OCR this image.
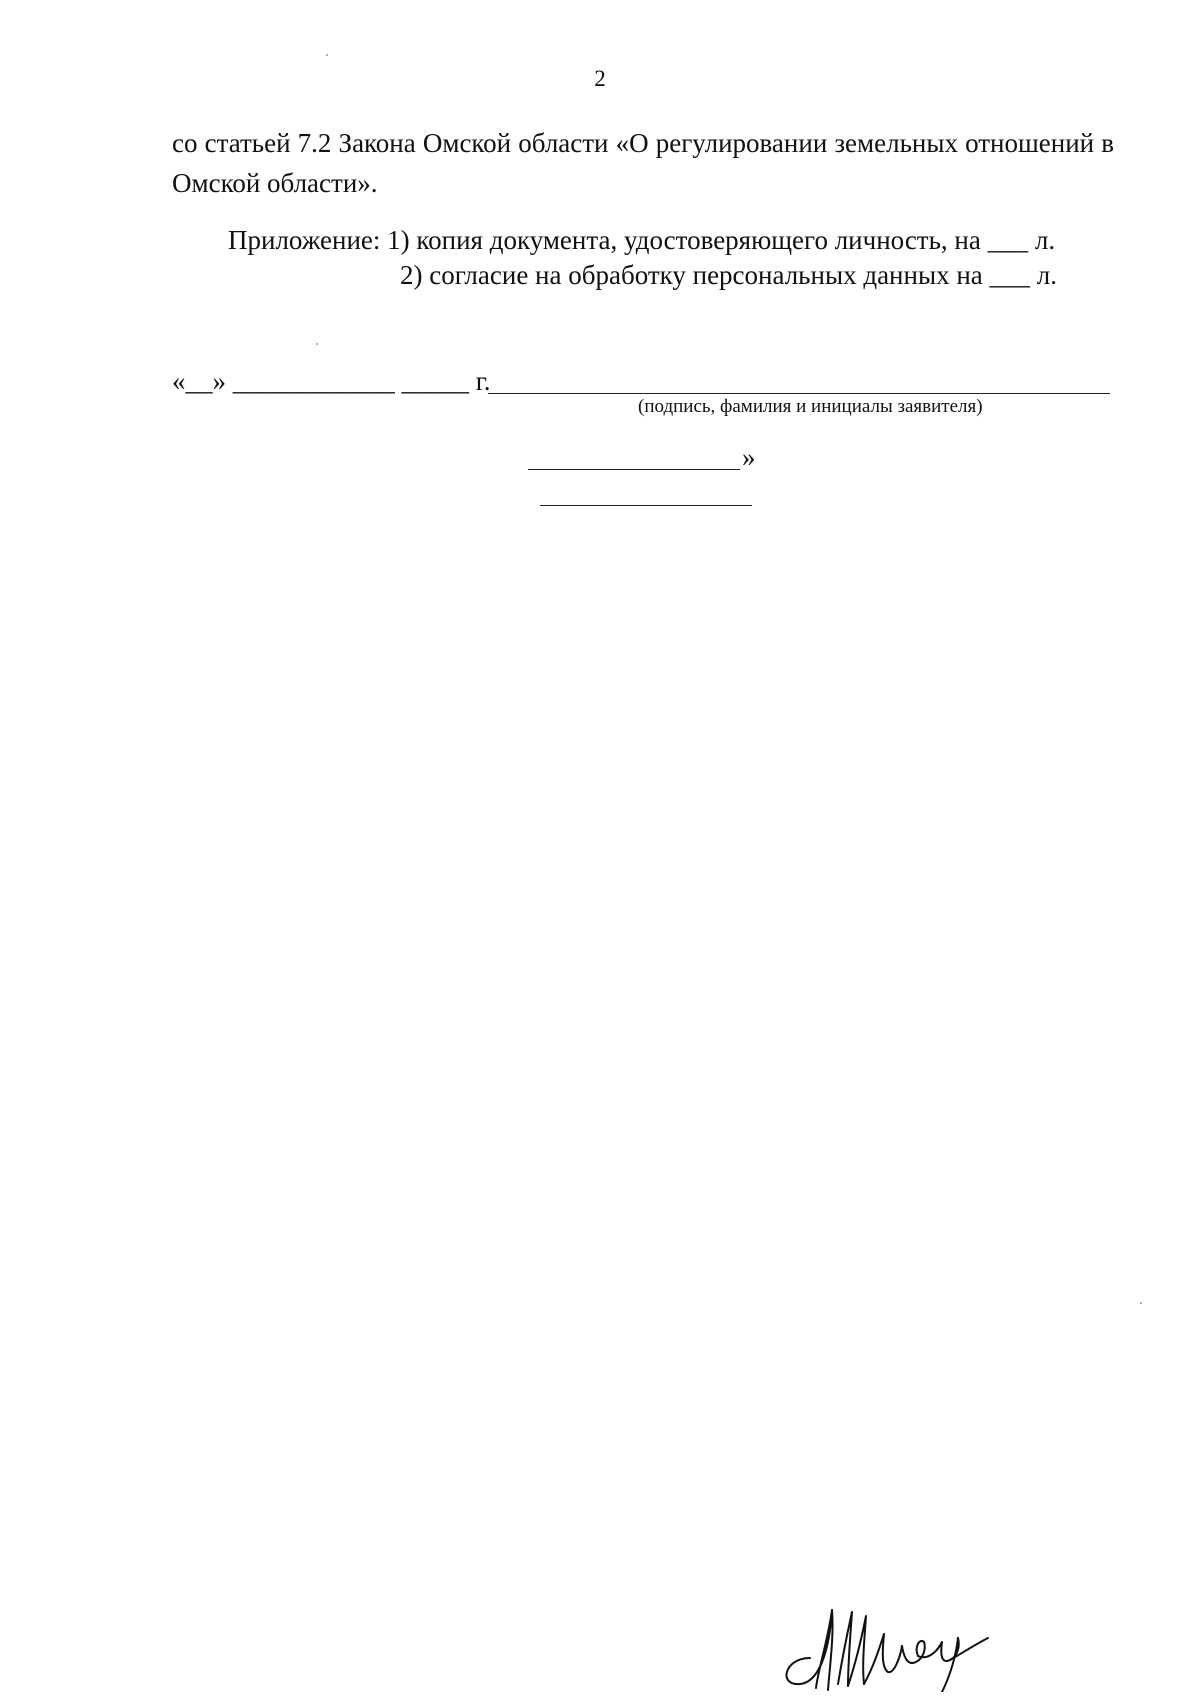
2
со статьей 7.2 Закона Омской области «О регулировании земельных отношений в Омской области».
Приложение: 1) копия документа, удостоверяющего личность, на ___ л.
2) согласие на обработку персональных данных на ___ л.
«__» ____________ _____ г.
(подпись, фамилия и инициалы заявителя)
»
